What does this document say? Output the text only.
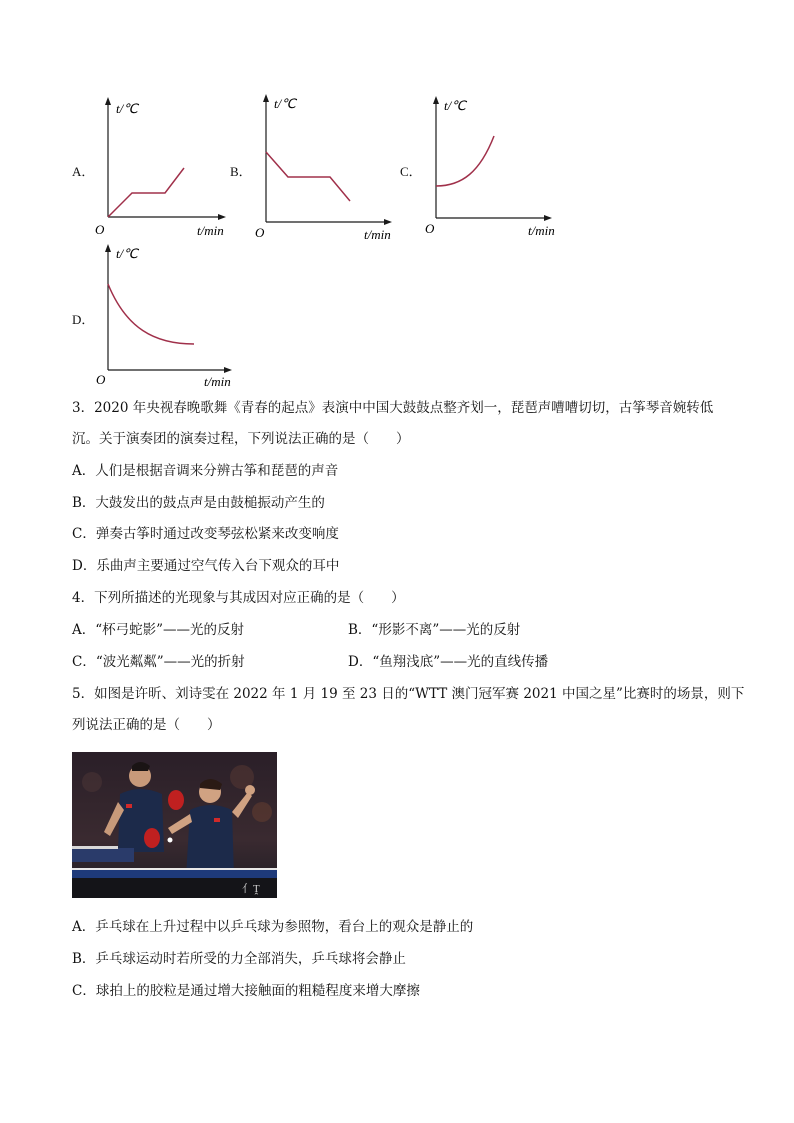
A．
t/℃
O	t/min
B．
t/℃
O	t/min
C．
t/℃
O	t/min
D．
t/℃
O	t/min
3．2020 年央视春晚歌舞《青春的起点》表演中中国大鼓鼓点整齐划一，琵琶声嘈嘈切切，古筝琴音婉转低
沉。关于演奏团的演奏过程，下列说法正确的是（　　）
A．人们是根据音调来分辨古筝和琵琶的声音
B．大鼓发出的鼓点声是由鼓槌振动产生的
C．弹奏古筝时通过改变琴弦松紧来改变响度
D．乐曲声主要通过空气传入台下观众的耳中
4．下列所描述的光现象与其成因对应正确的是（　　）
A．“杯弓蛇影”——光的反射	B．“形影不离”——光的反射
C．“波光粼粼”——光的折射	D．“鱼翔浅底”——光的直线传播
5．如图是许昕、刘诗雯在 2022 年 1 月 19 至 23 日的“WTT 澳门冠军赛 2021 中国之星”比赛时的场景，则下
列说法正确的是（　　）
亻Ṱ
A．乒乓球在上升过程中以乒乓球为参照物，看台上的观众是静止的
B．乒乓球运动时若所受的力全部消失，乒乓球将会静止
C．球拍上的胶粒是通过增大接触面的粗糙程度来增大摩擦
